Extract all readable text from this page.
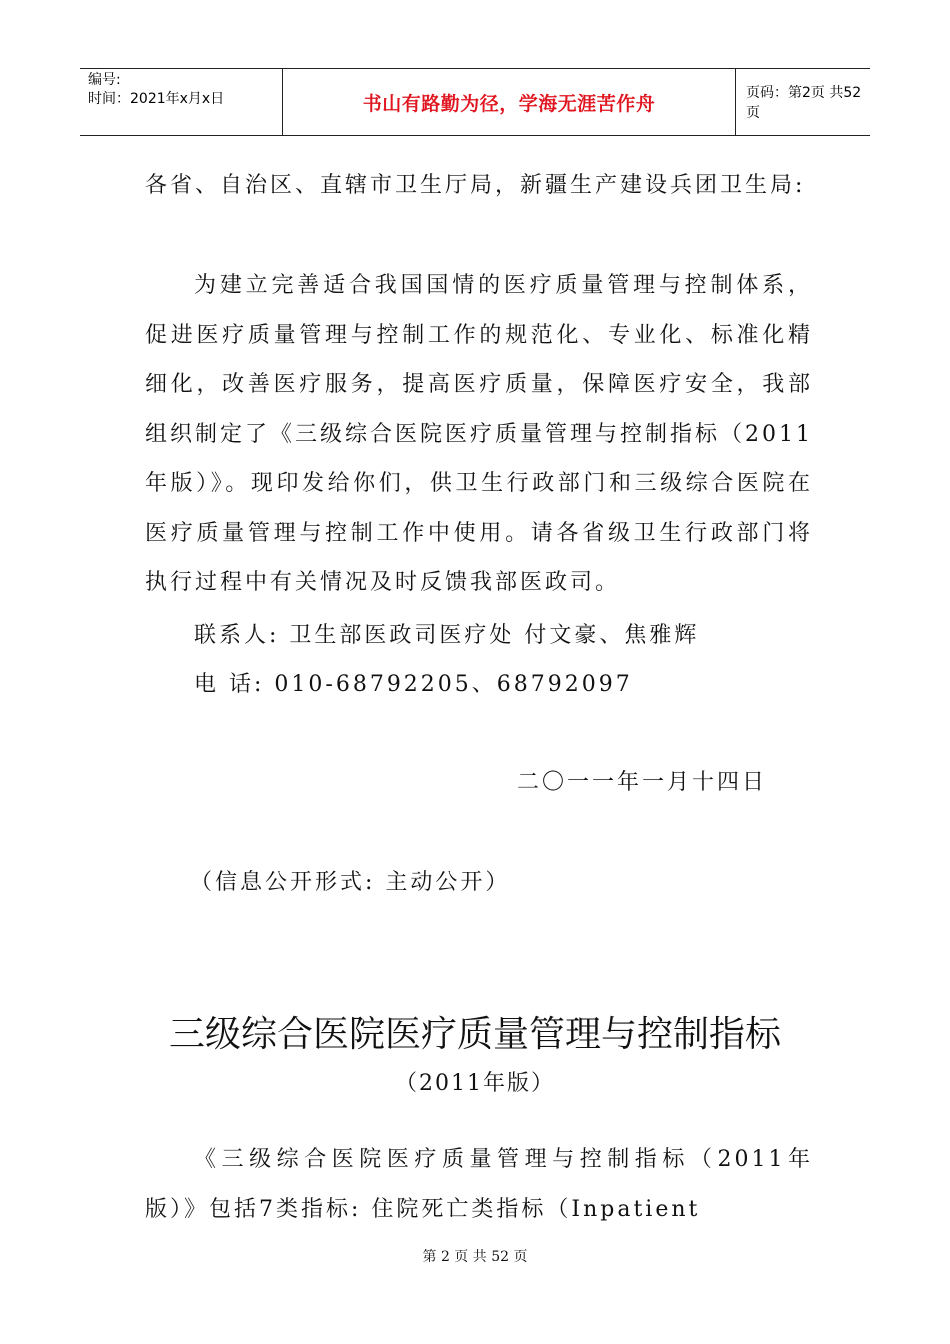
编号:
时间：2021年x月x日	书山有路勤为径，学海无涯苦作舟	页码：第2页 共52页

各省、自治区、直辖市卫生厅局，新疆生产建设兵团卫生局:

为建立完善适合我国国情的医疗质量管理与控制体系，促进医疗质量管理与控制工作的规范化、专业化、标准化精细化，改善医疗服务，提高医疗质量，保障医疗安全，我部组织制定了《三级综合医院医疗质量管理与控制指标（2011年版）》。现印发给你们，供卫生行政部门和三级综合医院在医疗质量管理与控制工作中使用。请各省级卫生行政部门将执行过程中有关情况及时反馈我部医政司。

联系人: 卫生部医政司医疗处 付文豪、焦雅辉

电 话: 010-68792205、68792097

二〇一一年一月十四日

（信息公开形式: 主动公开）

三级综合医院医疗质量管理与控制指标

（2011年版）

《三级综合医院医疗质量管理与控制指标（2011年版）》包括7类指标: 住院死亡类指标（Inpatient

第 2 页 共 52 页
